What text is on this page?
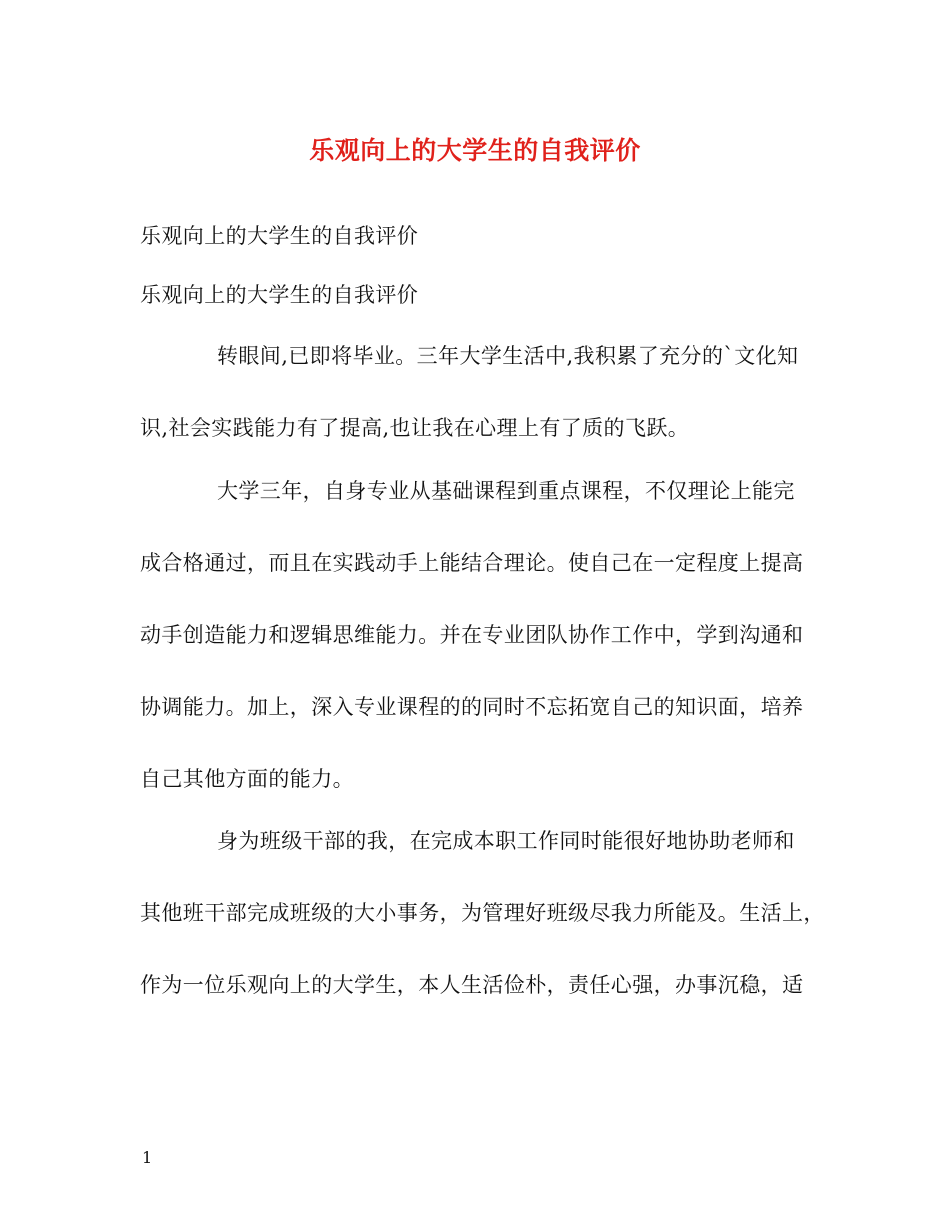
乐观向上的大学生的自我评价
乐观向上的大学生的自我评价
乐观向上的大学生的自我评价
转眼间,已即将毕业。三年大学生活中,我积累了充分的`文化知
识,社会实践能力有了提高,也让我在心理上有了质的飞跃。
大学三年，自身专业从基础课程到重点课程，不仅理论上能完
成合格通过，而且在实践动手上能结合理论。使自己在一定程度上提高
动手创造能力和逻辑思维能力。并在专业团队协作工作中，学到沟通和
协调能力。加上，深入专业课程的的同时不忘拓宽自己的知识面，培养
自己其他方面的能力。
身为班级干部的我，在完成本职工作同时能很好地协助老师和
其他班干部完成班级的大小事务，为管理好班级尽我力所能及。生活上，
作为一位乐观向上的大学生，本人生活俭朴，责任心强，办事沉稳，适
1
